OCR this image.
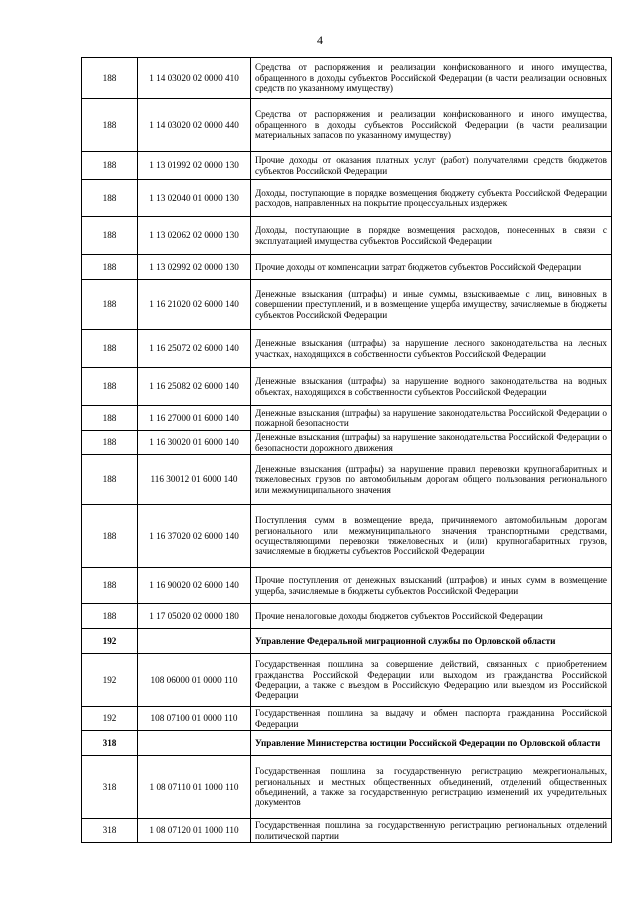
4
188	1 14 03020 02 0000 410	Средства от распоряжения и реализации конфискованного и иного имущества, обращенного в доходы субъектов Российской Федерации (в части реализации основных средств по указанному имуществу)
188	1 14 03020 02 0000 440	Средства от распоряжения и реализации конфискованного и иного имущества, обращенного в доходы субъектов Российской Федерации (в части реализации материальных запасов по указанному имуществу)
188	1 13 01992 02 0000 130	Прочие доходы от оказания платных услуг (работ) получателями средств бюджетов субъектов Российской Федерации
188	1 13 02040 01 0000 130	Доходы, поступающие в порядке возмещения бюджету субъекта Российской Федерации расходов, направленных на покрытие процессуальных издержек
188	1 13 02062 02 0000 130	Доходы, поступающие в порядке возмещения расходов, понесенных в связи с эксплуатацией имущества субъектов Российской Федерации
188	1 13 02992 02 0000 130	Прочие доходы от компенсации затрат бюджетов субъектов Российской Федерации
188	1 16 21020 02 6000 140	Денежные взыскания (штрафы) и иные суммы, взыскиваемые с лиц, виновных в совершении преступлений, и в возмещение ущерба имуществу, зачисляемые в бюджеты субъектов Российской Федерации
188	1 16 25072 02 6000 140	Денежные взыскания (штрафы) за нарушение лесного законодательства на лесных участках, находящихся в собственности субъектов Российской Федерации
188	1 16 25082 02 6000 140	Денежные взыскания (штрафы) за нарушение водного законодательства на водных объектах, находящихся в собственности субъектов Российской Федерации
188	1 16 27000 01 6000 140	Денежные взыскания (штрафы) за нарушение законодательства Российской Федерации о пожарной безопасности
188	1 16 30020 01 6000 140	Денежные взыскания (штрафы) за нарушение законодательства Российской Федерации о безопасности дорожного движения
188	116 30012 01 6000 140	Денежные взыскания (штрафы) за нарушение правил перевозки крупногабаритных и тяжеловесных грузов по автомобильным дорогам общего пользования регионального или межмуниципального значения
188	1 16 37020 02 6000 140	Поступления сумм в возмещение вреда, причиняемого автомобильным дорогам регионального или межмуниципального значения транспортными средствами, осуществляющими перевозки тяжеловесных и (или) крупногабаритных грузов, зачисляемые в бюджеты субъектов Российской Федерации
188	1 16 90020 02 6000 140	Прочие поступления от денежных взысканий (штрафов) и иных сумм в возмещение ущерба, зачисляемые в бюджеты субъектов Российской Федерации
188	1 17 05020 02 0000 180	Прочие неналоговые доходы бюджетов субъектов Российской Федерации
192		Управление Федеральной миграционной службы по Орловской области
192	108 06000 01 0000 110	Государственная пошлина за совершение действий, связанных с приобретением гражданства Российской Федерации или выходом из гражданства Российской Федерации, а также с въездом в Российскую Федерацию или выездом из Российской Федерации
192	108 07100 01 0000 110	Государственная пошлина за выдачу и обмен паспорта гражданина Российской Федерации
318		Управление Министерства юстиции Российской Федерации по Орловской области
318	1 08 07110 01 1000 110	Государственная пошлина за государственную регистрацию межрегиональных, региональных и местных общественных объединений, отделений общественных объединений, а также за государственную регистрацию изменений их учредительных документов
318	1 08 07120 01 1000 110	Государственная пошлина за государственную регистрацию региональных отделений политической партии
